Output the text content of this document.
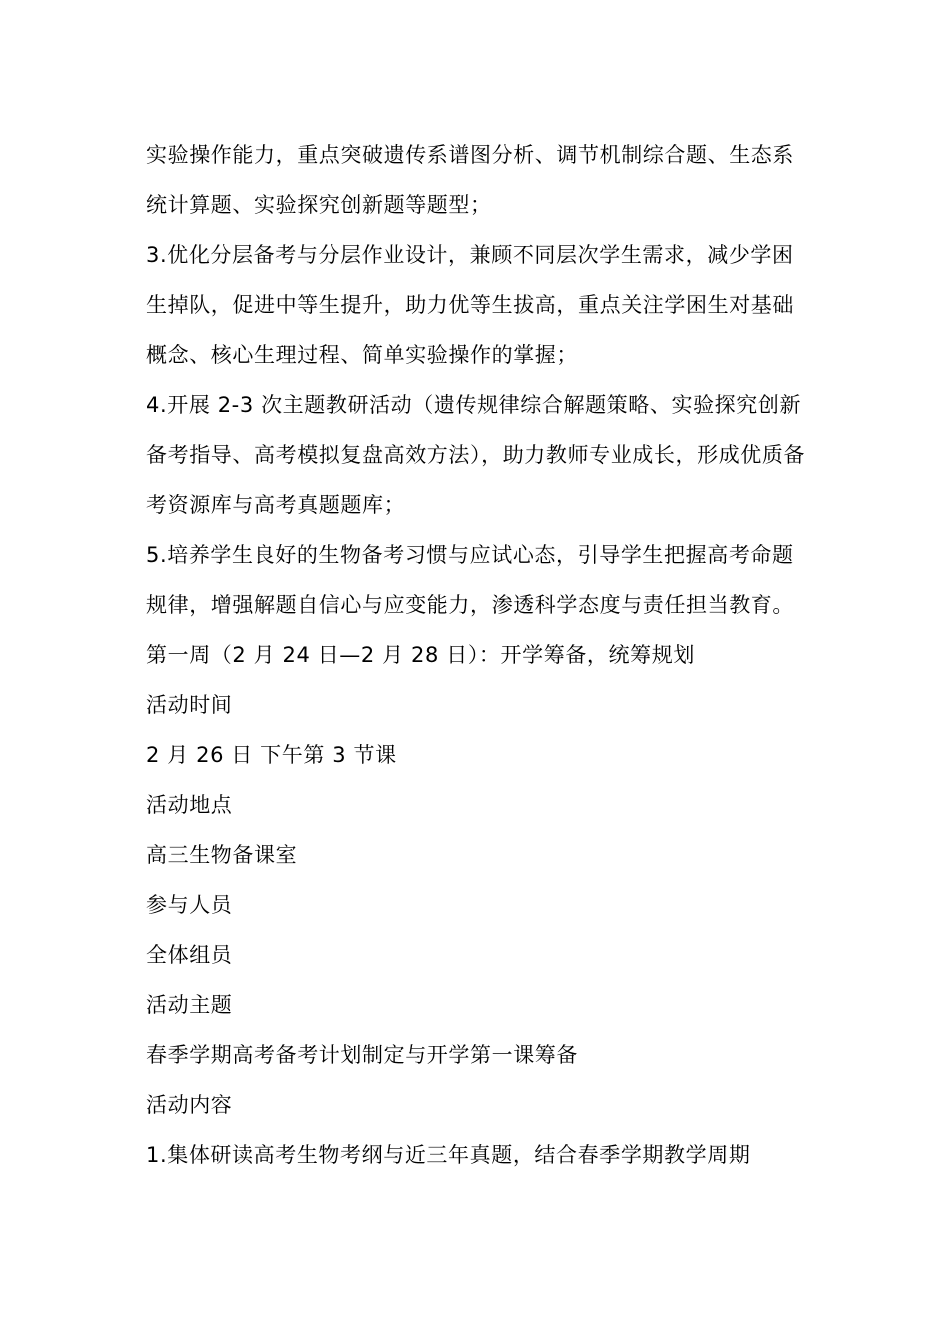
实验操作能力，重点突破遗传系谱图分析、调节机制综合题、生态系统计算题、实验探究创新题等题型；

3.优化分层备考与分层作业设计，兼顾不同层次学生需求，减少学困生掉队，促进中等生提升，助力优等生拔高，重点关注学困生对基础概念、核心生理过程、简单实验操作的掌握；

4.开展 2-3 次主题教研活动（遗传规律综合解题策略、实验探究创新备考指导、高考模拟复盘高效方法），助力教师专业成长，形成优质备考资源库与高考真题题库；

5.培养学生良好的生物备考习惯与应试心态，引导学生把握高考命题规律，增强解题自信心与应变能力，渗透科学态度与责任担当教育。

第一周（2 月 24 日—2 月 28 日）：开学筹备，统筹规划

活动时间

2 月 26 日 下午第 3 节课

活动地点

高三生物备课室

参与人员

全体组员

活动主题

春季学期高考备考计划制定与开学第一课筹备

活动内容

1.集体研读高考生物考纲与近三年真题，结合春季学期教学周期
